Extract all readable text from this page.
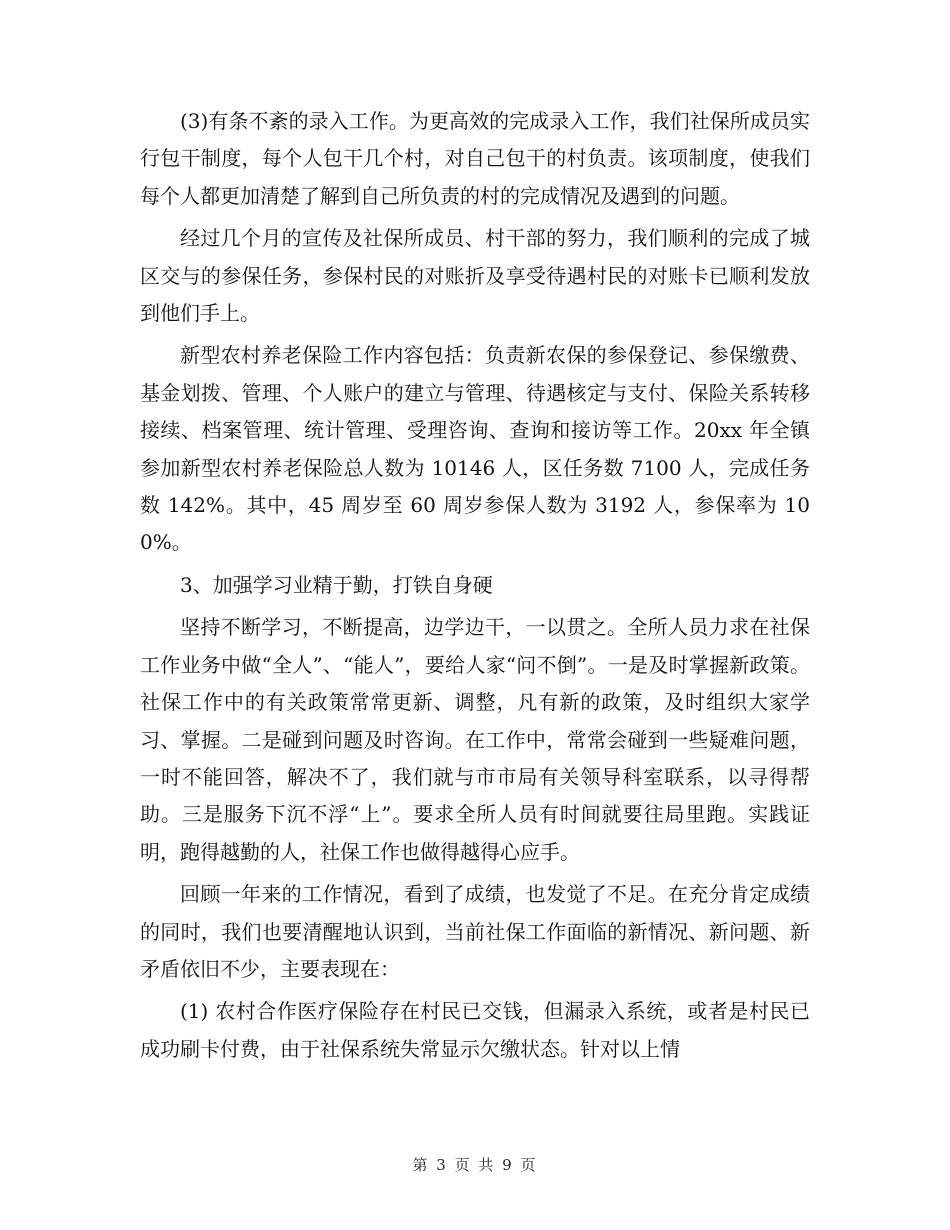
(3)有条不紊的录入工作。为更高效的完成录入工作，我们社保所成员实行包干制度，每个人包干几个村，对自己包干的村负责。该项制度，使我们每个人都更加清楚了解到自己所负责的村的完成情况及遇到的问题。

经过几个月的宣传及社保所成员、村干部的努力，我们顺利的完成了城区交与的参保任务，参保村民的对账折及享受待遇村民的对账卡已顺利发放到他们手上。

新型农村养老保险工作内容包括：负责新农保的参保登记、参保缴费、基金划拨、管理、个人账户的建立与管理、待遇核定与支付、保险关系转移接续、档案管理、统计管理、受理咨询、查询和接访等工作。20xx 年全镇参加新型农村养老保险总人数为 10146 人，区任务数 7100 人，完成任务数 142%。其中，45 周岁至 60 周岁参保人数为 3192 人，参保率为 100%。

3、加强学习业精于勤，打铁自身硬

坚持不断学习，不断提高，边学边干，一以贯之。全所人员力求在社保工作业务中做“全人”、“能人”，要给人家“问不倒”。一是及时掌握新政策。社保工作中的有关政策常常更新、调整，凡有新的政策，及时组织大家学习、掌握。二是碰到问题及时咨询。在工作中，常常会碰到一些疑难问题，一时不能回答，解决不了，我们就与市市局有关领导科室联系，以寻得帮助。三是服务下沉不浮“上”。要求全所人员有时间就要往局里跑。实践证明，跑得越勤的人，社保工作也做得越得心应手。

回顾一年来的工作情况，看到了成绩，也发觉了不足。在充分肯定成绩的同时，我们也要清醒地认识到，当前社保工作面临的新情况、新问题、新矛盾依旧不少，主要表现在：

(1) 农村合作医疗保险存在村民已交钱，但漏录入系统，或者是村民已成功刷卡付费，由于社保系统失常显示欠缴状态。针对以上情

第 3 页 共 9 页
